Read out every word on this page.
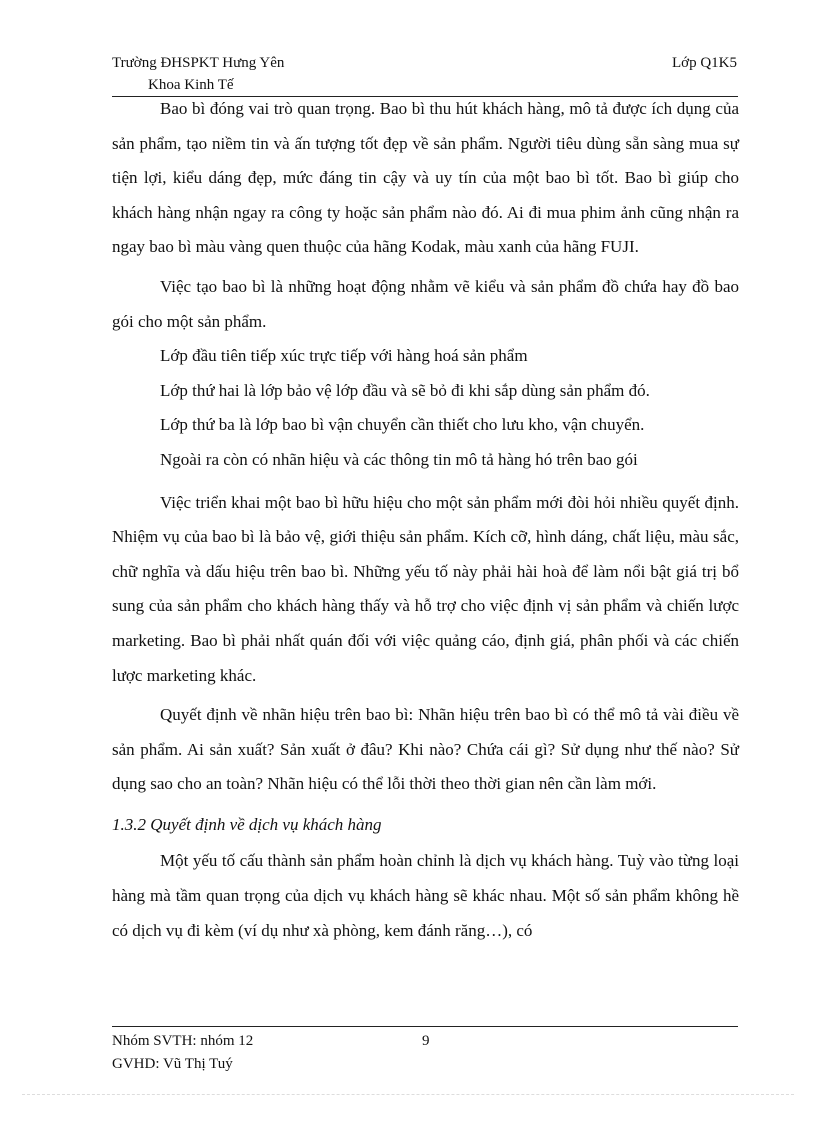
Trường ĐHSPKT Hưng Yên
Khoa Kinh Tế
Lớp Q1K5

Bao bì đóng vai trò quan trọng. Bao bì thu hút khách hàng, mô tả được ích dụng của sản phẩm, tạo niềm tin và ấn tượng tốt đẹp về sản phẩm. Người tiêu dùng sẵn sàng mua sự tiện lợi, kiểu dáng đẹp, mức đáng tin cậy và uy tín của một bao bì tốt. Bao bì giúp cho khách hàng nhận ngay ra công ty hoặc sản phẩm nào đó. Ai đi mua phim ảnh cũng nhận ra ngay bao bì màu vàng quen thuộc của hãng Kodak, màu xanh của hãng FUJI.

Việc tạo bao bì là những hoạt động nhằm vẽ kiểu và sản phẩm đồ chứa hay đồ bao gói cho một sản phẩm.

Lớp đầu tiên tiếp xúc trực tiếp với hàng hoá sản phẩm

Lớp thứ hai là lớp bảo vệ lớp đầu và sẽ bỏ đi khi sắp dùng sản phẩm đó.

Lớp thứ ba là lớp bao bì vận chuyển cần thiết cho lưu kho, vận chuyển.

Ngoài ra còn có nhãn hiệu và các thông tin mô tả hàng hó trên bao gói

Việc triển khai một bao bì hữu hiệu cho một sản phẩm mới đòi hỏi nhiều quyết định. Nhiệm vụ của bao bì là bảo vệ, giới thiệu sản phẩm. Kích cỡ, hình dáng, chất liệu, màu sắc, chữ nghĩa và dấu hiệu trên bao bì. Những yếu tố này phải hài hoà để làm nổi bật giá trị bổ sung của sản phẩm cho khách hàng thấy và hỗ trợ cho việc định vị sản phẩm và chiến lược marketing. Bao bì phải nhất quán đối với việc quảng cáo, định giá, phân phối và các chiến lược marketing khác.

Quyết định về nhãn hiệu trên bao bì: Nhãn hiệu trên bao bì có thể mô tả vài điều về sản phẩm. Ai sản xuất? Sản xuất ở đâu? Khi nào? Chứa cái gì? Sử dụng như thế nào? Sử dụng sao cho an toàn? Nhãn hiệu có thể lỗi thời theo thời gian nên cần làm mới.

1.3.2 Quyết định về dịch vụ khách hàng

Một yếu tố cấu thành sản phẩm hoàn chỉnh là dịch vụ khách hàng. Tuỳ vào từng loại hàng mà tầm quan trọng của dịch vụ khách hàng sẽ khác nhau. Một số sản phẩm không hề có dịch vụ đi kèm (ví dụ như xà phòng, kem đánh răng…), có

Nhóm SVTH: nhóm 12	9
GVHD: Vũ Thị Tuý
